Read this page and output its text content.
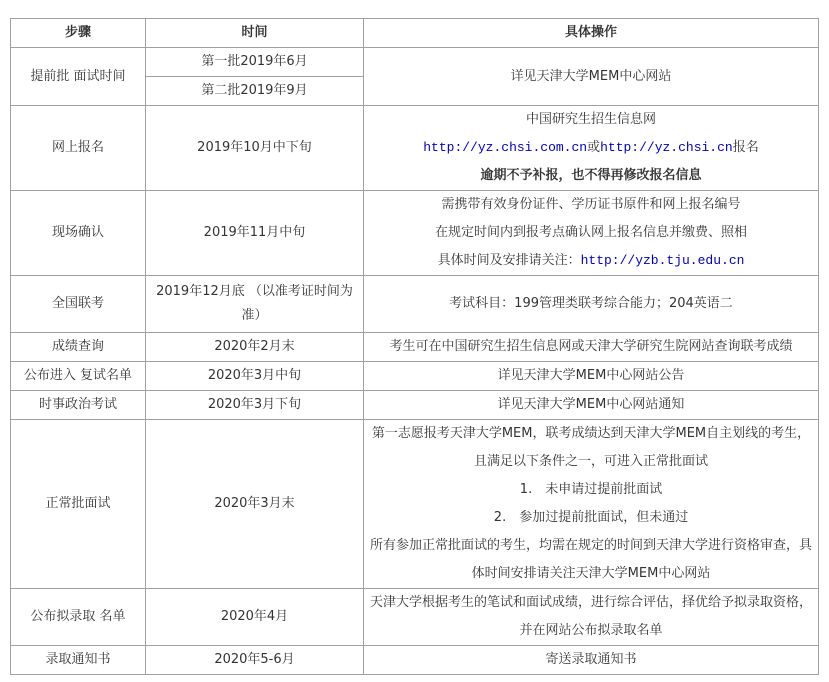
步骤	时间	具体操作
提前批 面试时间	第一批2019年6月	详见天津大学MEM中心网站
	第二批2019年9月	
网上报名	2019年10月中下旬	中国研究生招生信息网

http://yz.chsi.com.cn或http://yz.chsi.cn报名

逾期不予补报，也不得再修改报名信息

现场确认	2019年11月中旬	需携带有效身份证件、学历证书原件和网上报名编号

在规定时间内到报考点确认网上报名信息并缴费、照相

具体时间及安排请关注：http://yzb.tju.edu.cn

全国联考	2019年12月底 （以准考证时间为准）	考试科目：199管理类联考综合能力；204英语二
成绩查询	2020年2月末	考生可在中国研究生招生信息网或天津大学研究生院网站查询联考成绩
公布进入 复试名单	2020年3月中旬	详见天津大学MEM中心网站公告
时事政治考试	2020年3月下旬	详见天津大学MEM中心网站通知
正常批面试	2020年3月末	第一志愿报考天津大学MEM，联考成绩达到天津大学MEM自主划线的考生，且满足以下条件之一，可进入正常批面试

1.　未申请过提前批面试

2.　参加过提前批面试，但未通过

所有参加正常批面试的考生，均需在规定的时间到天津大学进行资格审查，具体时间安排请关注天津大学MEM中心网站

公布拟录取 名单	2020年4月	天津大学根据考生的笔试和面试成绩，进行综合评估，择优给予拟录取资格，并在网站公布拟录取名单
录取通知书	2020年5-6月	寄送录取通知书
